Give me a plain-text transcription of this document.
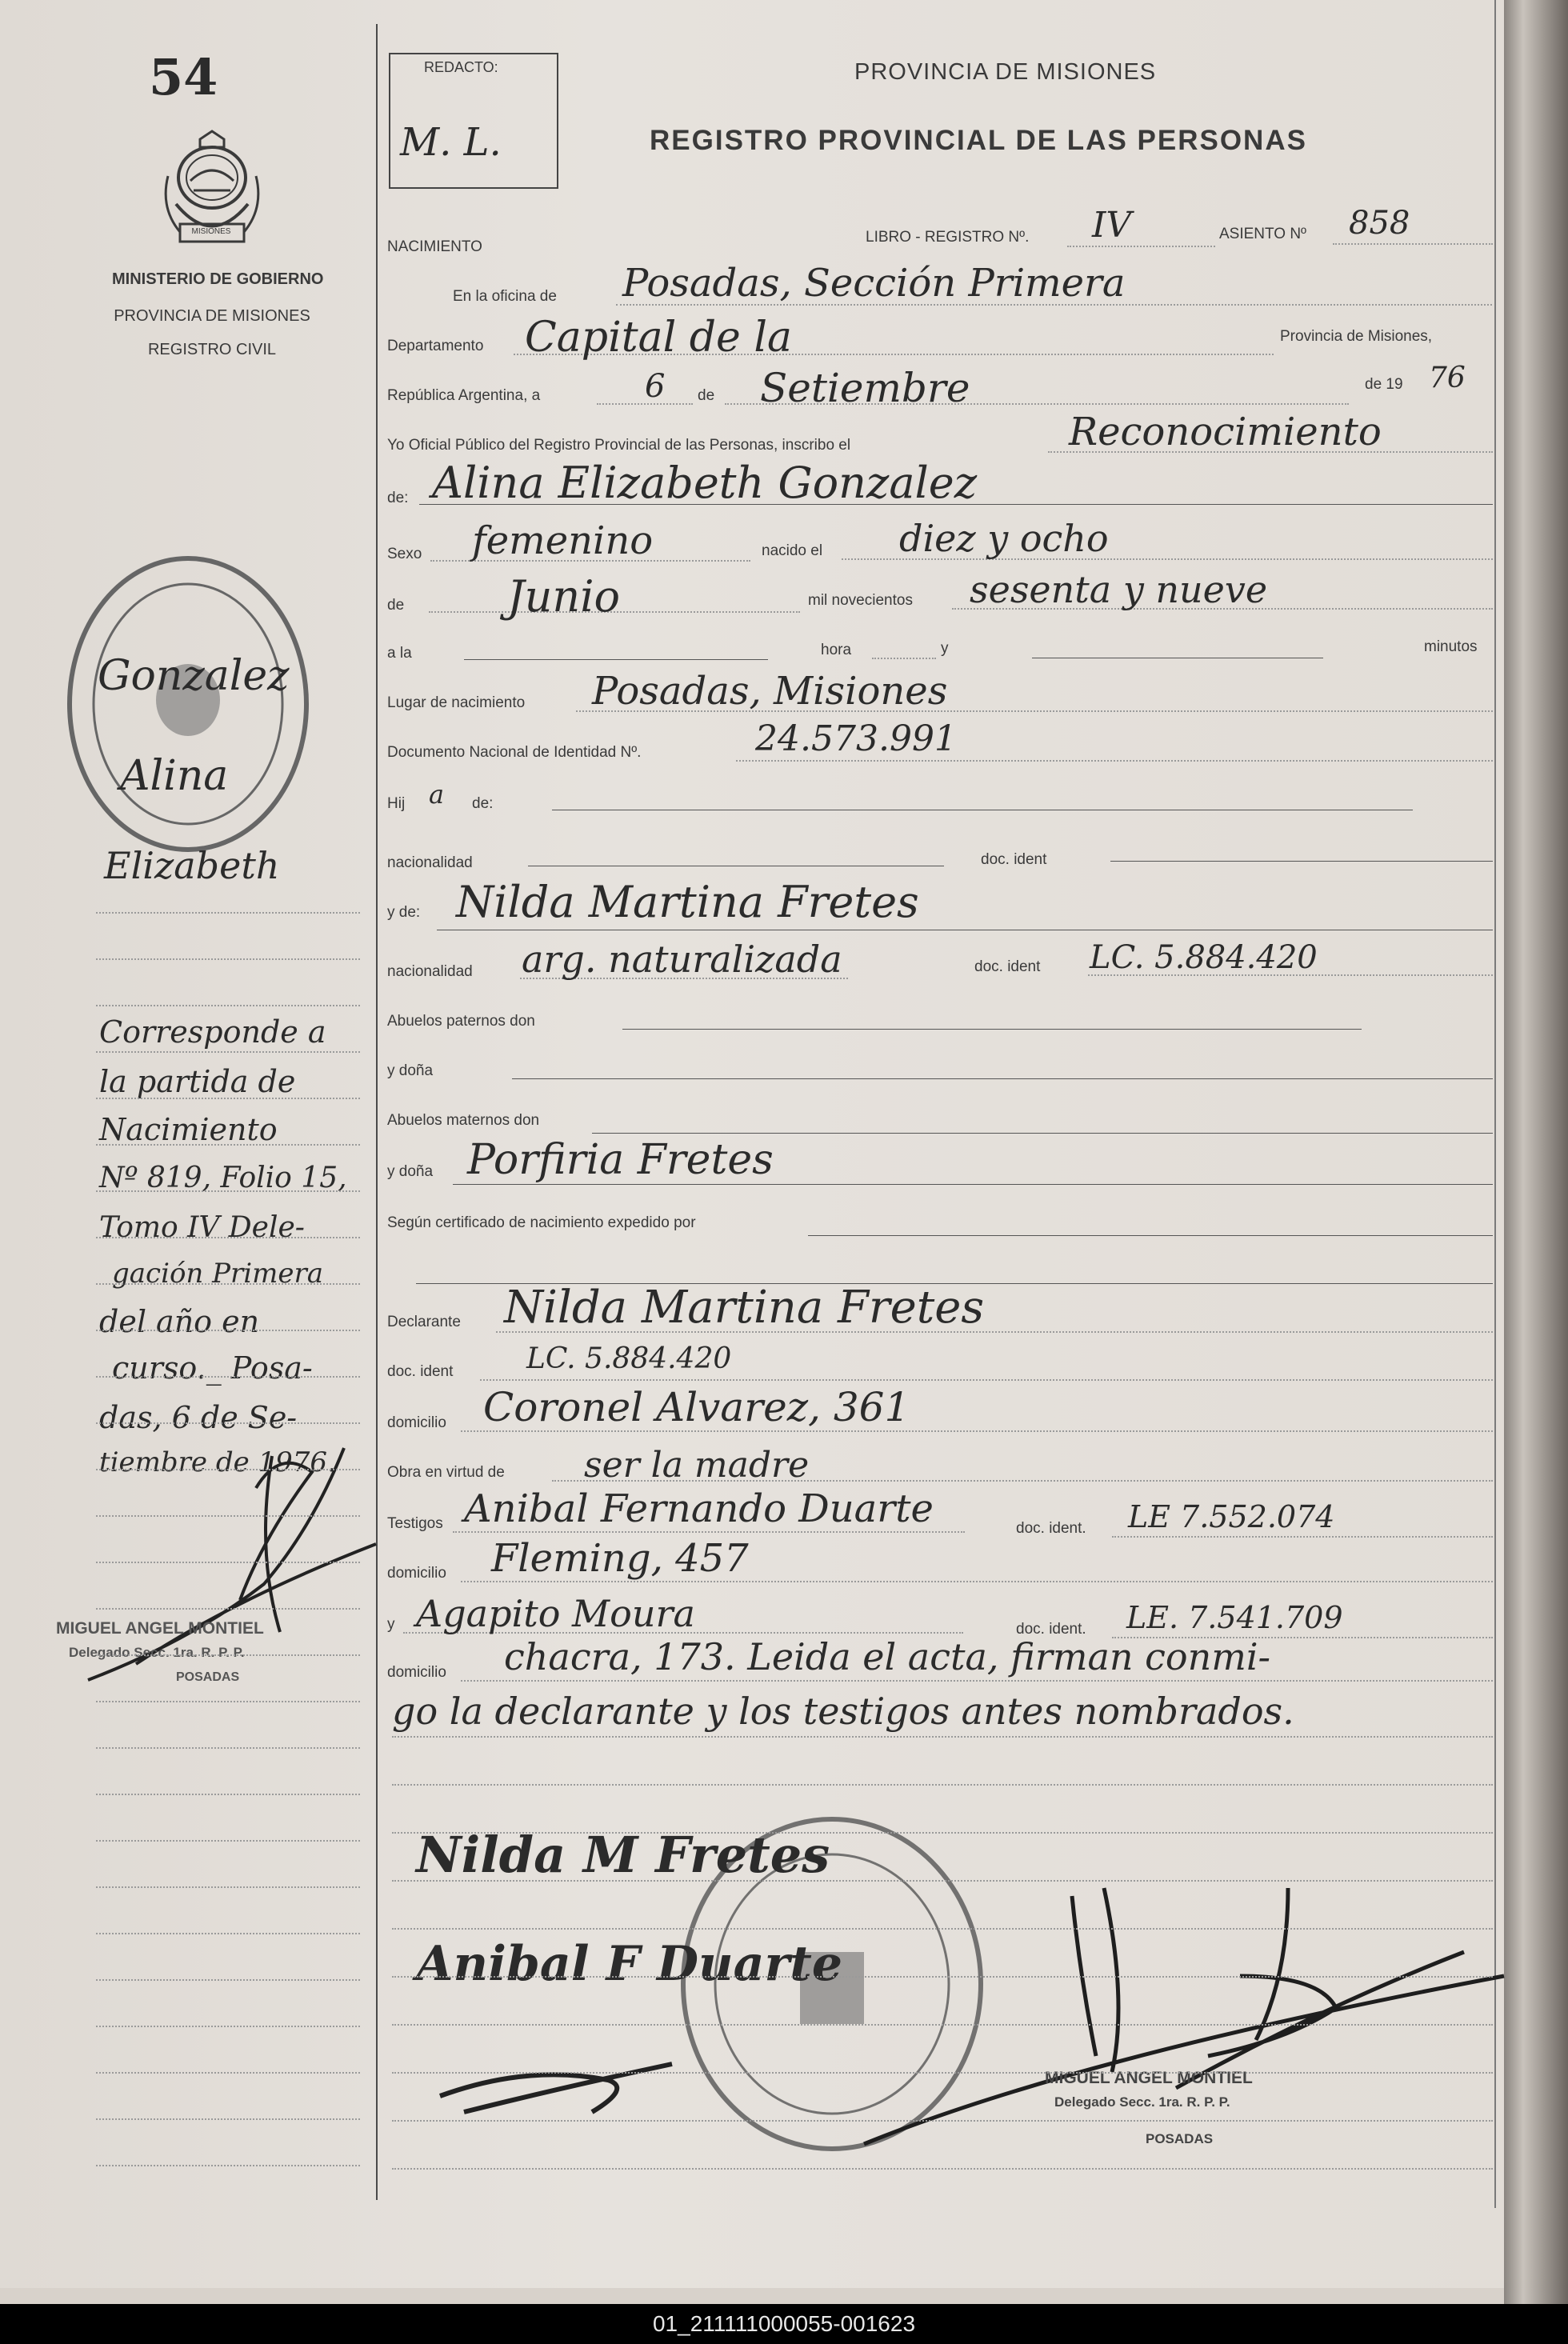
54
MISIONES
MINISTERIO DE GOBIERNO
PROVINCIA DE MISIONES
REGISTRO CIVIL
Gonzalez
Alina
Elizabeth
Corresponde a
la partida de
Nacimiento
Nº 819, Folio 15,
Tomo IV Dele-
gación Primera
del año en
curso._ Posa-
das, 6 de Se-
tiembre de 1976.
MIGUEL ANGEL MONTIEL
Delegado Secc. 1ra. R. P. P.
POSADAS
REDACTO:
M. L.
PROVINCIA DE MISIONES
REGISTRO PROVINCIAL DE LAS PERSONAS
NACIMIENTO
LIBRO - REGISTRO Nº. IV	ASIENTO Nº 858
En la oficina de Posadas, Sección Primera
Departamento Capital de la	Provincia de Misiones,
República Argentina, a	6 de Setiembre	de 19 76
Yo Oficial Público del Registro Provincial de las Personas, inscribo el	Reconocimiento
de: Alina Elizabeth Gonzalez
Sexo femenino	nacido el diez y ocho
de Junio	mil novecientos sesenta y nueve
a la	hora	y	minutos
Lugar de nacimiento Posadas, Misiones
Documento Nacional de Identidad Nº.	24.573.991
Hij a de:
nacionalidad	doc. ident
y de: Nilda Martina Fretes
nacionalidad arg. naturalizada	doc. ident LC. 5.884.420
Abuelos paternos don
y doña
Abuelos maternos don
y doña Porfiria Fretes
Según certificado de nacimiento expedido por
Declarante Nilda Martina Fretes
doc. ident	LC. 5.884.420
domicilio Coronel Alvarez, 361
Obra en virtud de ser la madre
Testigos Anibal Fernando Duarte	doc. ident. LE 7.552.074
domicilio Fleming, 457
y Agapito Moura	doc. ident. LE. 7.541.709
domicilio chacra, 173. Leida el acta, firman conmi-
go la declarante y los testigos antes nombrados.
Nilda M Fretes
Anibal F Duarte
MIGUEL ANGEL MONTIEL
Delegado Secc. 1ra. R. P. P.
POSADAS
01_211111000055-001623
